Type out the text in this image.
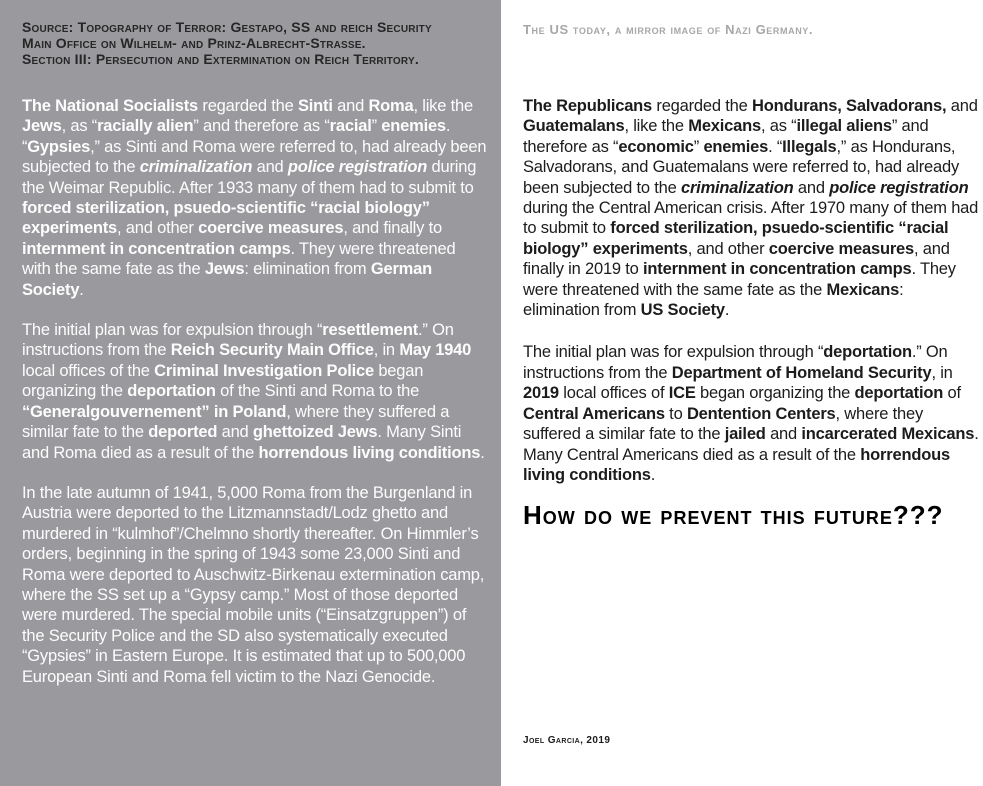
Source: Topography of Terror: Gestapo, SS and reich Security
Main Office on Wilhelm- and Prinz-Albrecht-Strasse.
Section III: Persecution and Extermination on Reich Territory.

The National Socialists regarded the Sinti and Roma, like the Jews, as “racially alien” and therefore as “racial” enemies. “Gypsies,” as Sinti and Roma were referred to, had already been subjected to the criminalization and police registration during the Weimar Republic. After 1933 many of them had to submit to forced sterilization, psuedo-scientific “racial biology” experiments, and other coercive measures, and finally to internment in concentration camps. They were threatened with the same fate as the Jews: elimination from German Society.

The initial plan was for expulsion through “resettlement.” On instructions from the Reich Security Main Office, in May 1940 local offices of the Criminal Investigation Police began organizing the deportation of the Sinti and Roma to the “Generalgouvernement” in Poland, where they suffered a similar fate to the deported and ghettoized Jews. Many Sinti and Roma died as a result of the horrendous living conditions.

In the late autumn of 1941, 5,000 Roma from the Burgenland in Austria were deported to the Litzmannstadt/Lodz ghetto and murdered in “kulmhof”/Chelmno shortly thereafter. On Himmler’s orders, beginning in the spring of 1943 some 23,000 Sinti and Roma were deported to Auschwitz-Birkenau extermination camp, where the SS set up a “Gypsy camp.” Most of those deported were murdered. The special mobile units (“Einsatzgruppen”) of the Security Police and the SD also systematically executed “Gypsies” in Eastern Europe. It is estimated that up to 500,000 European Sinti and Roma fell victim to the Nazi Genocide.

The US today, a mirror image of Nazi Germany.

The Republicans regarded the Hondurans, Salvadorans, and Guatemalans, like the Mexicans, as “illegal aliens” and therefore as “economic” enemies. “Illegals,” as Hondurans, Salvadorans, and Guatemalans were referred to, had already been subjected to the criminalization and police registration during the Central American crisis. After 1970 many of them had to submit to forced sterilization, psuedo-scientific “racial biology” experiments, and other coercive measures, and finally in 2019 to internment in concentration camps. They were threatened with the same fate as the Mexicans: elimination from US Society.

The initial plan was for expulsion through “deportation.” On instructions from the Department of Homeland Security, in 2019 local offices of ICE began organizing the deportation of Central Americans to Dentention Centers, where they suffered a similar fate to the jailed and incarcerated Mexicans. Many Central Americans died as a result of the horrendous living conditions.

How do we prevent this future???
Joel Garcia, 2019
